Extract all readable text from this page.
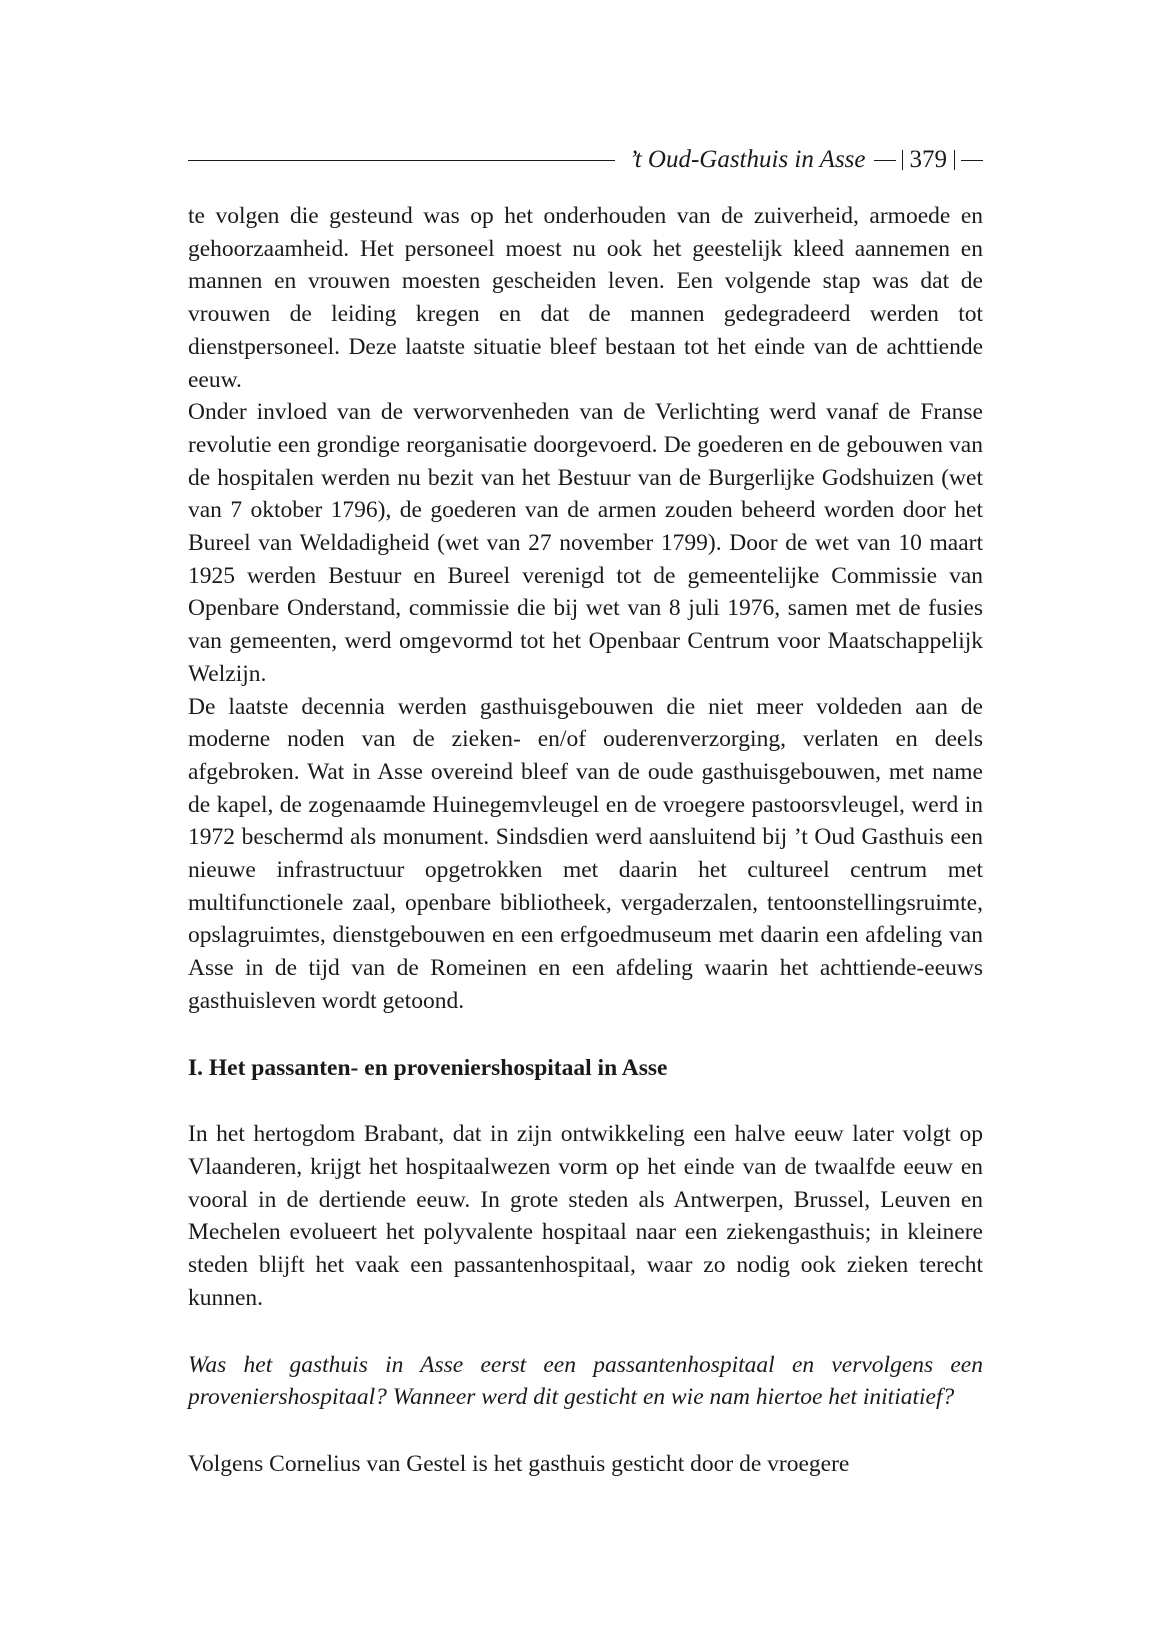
’t Oud-Gasthuis in Asse 379

te volgen die gesteund was op het onderhouden van de zuiverheid, armoede en gehoorzaamheid. Het personeel moest nu ook het geestelijk kleed aannemen en mannen en vrouwen moesten gescheiden leven. Een volgende stap was dat de vrouwen de leiding kregen en dat de mannen gedegradeerd werden tot dienstpersoneel. Deze laatste situatie bleef bestaan tot het einde van de achttiende eeuw.

Onder invloed van de verworvenheden van de Verlichting werd vanaf de Franse revolutie een grondige reorganisatie doorgevoerd. De goederen en de gebouwen van de hospitalen werden nu bezit van het Bestuur van de Burgerlijke Godshuizen (wet van 7 oktober 1796), de goederen van de armen zouden beheerd worden door het Bureel van Weldadigheid (wet van 27 november 1799). Door de wet van 10 maart 1925 werden Bestuur en Bureel verenigd tot de gemeentelijke Commissie van Openbare Onderstand, commissie die bij wet van 8 juli 1976, samen met de fusies van gemeenten, werd omgevormd tot het Openbaar Centrum voor Maatschappelijk Welzijn.

De laatste decennia werden gasthuisgebouwen die niet meer voldeden aan de moderne noden van de zieken- en/of ouderenverzorging, verlaten en deels afgebroken. Wat in Asse overeind bleef van de oude gasthuisgebouwen, met name de kapel, de zogenaamde Huinegemvleugel en de vroegere pastoorsvleugel, werd in 1972 beschermd als monument. Sindsdien werd aansluitend bij ’t Oud Gasthuis een nieuwe infrastructuur opgetrokken met daarin het cultureel centrum met multifunctionele zaal, openbare bibliotheek, vergaderzalen, tentoonstellingsruimte, opslagruimtes, dienstgebouwen en een erfgoedmuseum met daarin een afdeling van Asse in de tijd van de Romeinen en een afdeling waarin het achttiende-eeuws gasthuisleven wordt getoond.

I. Het passanten- en proveniershospitaal in Asse

In het hertogdom Brabant, dat in zijn ontwikkeling een halve eeuw later volgt op Vlaanderen, krijgt het hospitaalwezen vorm op het einde van de twaalfde eeuw en vooral in de dertiende eeuw. In grote steden als Antwerpen, Brussel, Leuven en Mechelen evolueert het polyvalente hospitaal naar een ziekengasthuis; in kleinere steden blijft het vaak een passantenhospitaal, waar zo nodig ook zieken terecht kunnen.

Was het gasthuis in Asse eerst een passantenhospitaal en vervolgens een proveniershospitaal? Wanneer werd dit gesticht en wie nam hiertoe het initiatief?

Volgens Cornelius van Gestel is het gasthuis gesticht door de vroegere
